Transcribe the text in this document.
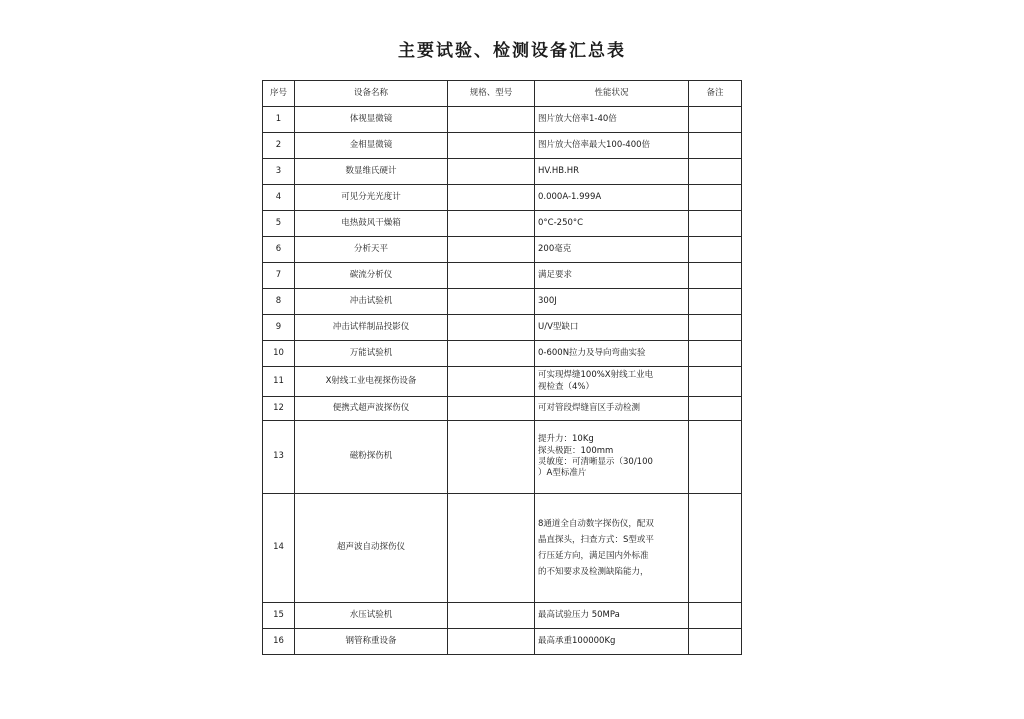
主要试验、检测设备汇总表
序号	设备名称	规格、型号	性能状况	备注
1	体视显微镜		图片放大倍率1-40倍	
2	金相显微镜		图片放大倍率最大100-400倍	
3	数显维氏硬计		HV.HB.HR	
4	可见分光光度计		0.000A-1.999A	
5	电热鼓风干燥箱		0°C-250°C	
6	分析天平		200毫克	
7	碳流分析仪		满足要求	
8	冲击试验机		300J	
9	冲击试样制品投影仪		U/V型缺口	
10	万能试验机		0-600N拉力及导向弯曲实验	
11	X射线工业电视探伤设备		可实现焊缝100%X射线工业电
视检查（4%）	
12	便携式超声波探伤仪		可对管段焊缝盲区手动检测	
13	磁粉探伤机		提升力：10Kg
探头极距：100mm
灵敏度：可清晰显示（30/100
）A型标准片	
14	超声波自动探伤仪		8通道全自动数字探伤仪，配双
晶直探头，扫查方式：S型或平
行压延方向，满足国内外标准
的不知要求及检测缺陷能力，	
15	水压试验机		最高试验压力 50MPa	
16	钢管称重设备		最高承重100000Kg	
